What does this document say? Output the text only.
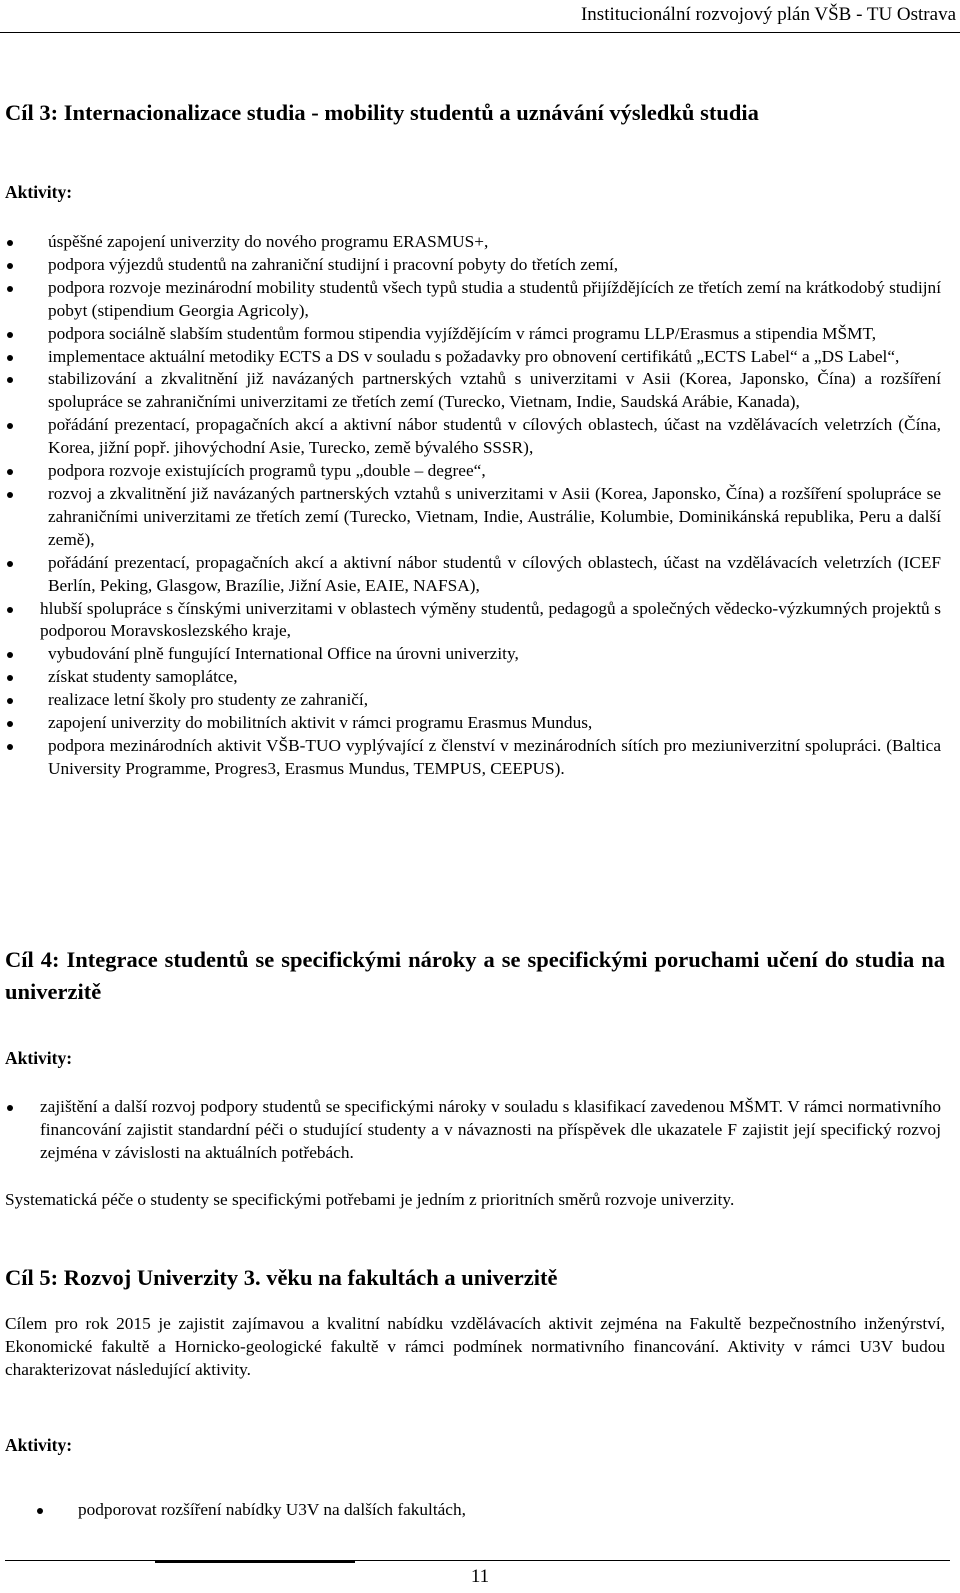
Institucionální rozvojový plán VŠB - TU Ostrava
Cíl 3: Internacionalizace studia - mobility studentů a uznávání výsledků studia
Aktivity:
úspěšné zapojení univerzity do nového programu ERASMUS+,
podpora výjezdů studentů na zahraniční studijní i pracovní pobyty do třetích zemí,
podpora rozvoje mezinárodní mobility studentů všech typů studia a studentů přijíždějících ze třetích zemí na krátkodobý studijní pobyt (stipendium Georgia Agricoly),
podpora sociálně slabším studentům formou stipendia vyjíždějícím v rámci programu LLP/Erasmus a stipendia MŠMT,
implementace aktuální metodiky ECTS a DS v souladu s požadavky pro obnovení certifikátů „ECTS Label“ a „DS Label“,
stabilizování a zkvalitnění již navázaných partnerských vztahů s univerzitami v Asii (Korea, Japonsko, Čína) a rozšíření spolupráce se zahraničními univerzitami ze třetích zemí (Turecko, Vietnam, Indie, Saudská Arábie, Kanada),
pořádání prezentací, propagačních akcí a aktivní nábor studentů v cílových oblastech, účast na vzdělávacích veletrzích (Čína, Korea, jižní popř. jihovýchodní Asie, Turecko, země bývalého SSSR),
podpora rozvoje existujících programů typu „double – degree“,
rozvoj a zkvalitnění již navázaných partnerských vztahů s univerzitami v Asii (Korea, Japonsko, Čína) a rozšíření spolupráce se zahraničními univerzitami ze třetích zemí (Turecko, Vietnam, Indie, Austrálie, Kolumbie, Dominikánská republika, Peru a další země),
pořádání prezentací, propagačních akcí a aktivní nábor studentů v cílových oblastech, účast na vzdělávacích veletrzích (ICEF Berlín, Peking, Glasgow, Brazílie, Jižní Asie, EAIE, NAFSA),
hlubší spolupráce s čínskými univerzitami v oblastech výměny studentů, pedagogů a společných vědecko-výzkumných projektů s podporou Moravskoslezského kraje,
vybudování plně fungující International Office na úrovni univerzity,
získat studenty samoplátce,
realizace letní školy pro studenty ze zahraničí,
zapojení univerzity do mobilitních aktivit v rámci programu Erasmus Mundus,
podpora mezinárodních aktivit VŠB-TUO vyplývající z členství v mezinárodních sítích pro meziuniverzitní spolupráci. (Baltica University Programme, Progres3, Erasmus Mundus, TEMPUS, CEEPUS).
Cíl 4: Integrace studentů se specifickými nároky a se specifickými poruchami učení do studia na univerzitě
Aktivity:
zajištění a další rozvoj podpory studentů se specifickými nároky v souladu s klasifikací zavedenou MŠMT. V rámci normativního financování zajistit standardní péči o studující studenty a v návaznosti na příspěvek dle ukazatele F zajistit její specifický rozvoj zejména v závislosti na aktuálních potřebách.
Systematická péče o studenty se specifickými potřebami je jedním z prioritních směrů rozvoje univerzity.
Cíl 5: Rozvoj Univerzity 3. věku na fakultách a univerzitě
Cílem pro rok 2015 je zajistit zajímavou a kvalitní nabídku vzdělávacích aktivit zejména na Fakultě bezpečnostního inženýrství, Ekonomické fakultě a Hornicko-geologické fakultě v rámci podmínek normativního financování. Aktivity v rámci U3V budou charakterizovat následující aktivity.
Aktivity:
podporovat rozšíření nabídky U3V na dalších fakultách,
11
